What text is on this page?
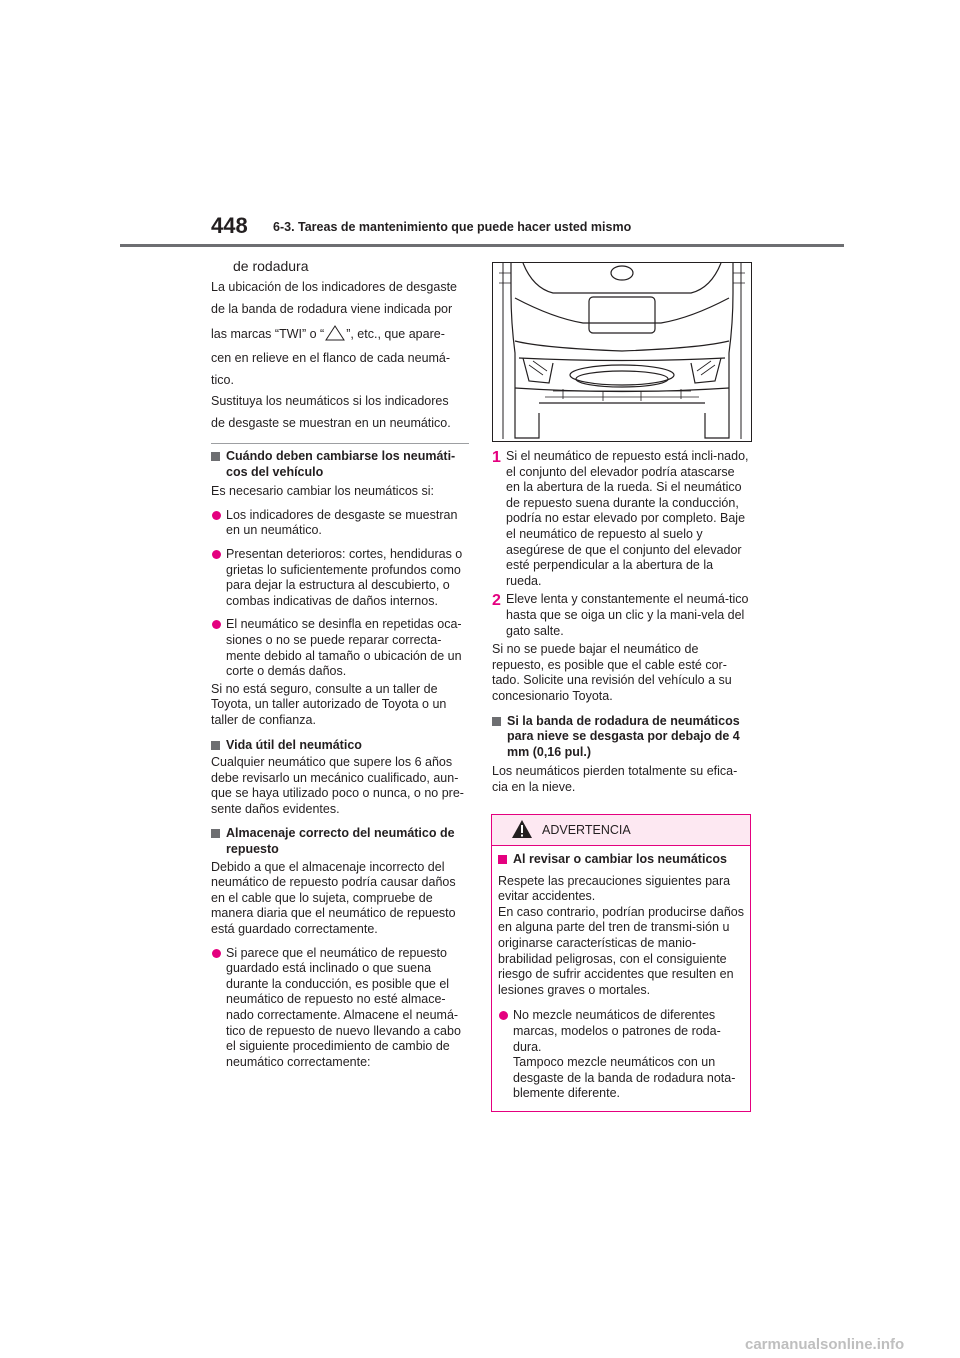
448 6-3. Tareas de mantenimiento que puede hacer usted mismo
de rodadura

La ubicación de los indicadores de desgaste

de la banda de rodadura viene indicada por

las marcas “TWI” o “ ”, etc., que apare-

cen en relieve en el flanco de cada neumá-

tico.

Sustituya los neumáticos si los indicadores

de desgaste se muestran en un neumático.

Cuándo deben cambiarse los neumáti-cos del vehículo

Es necesario cambiar los neumáticos si:

Los indicadores de desgaste se muestran en un neumático.

Presentan deterioros: cortes, hendiduras o grietas lo suficientemente profundos como para dejar la estructura al descubierto, o combas indicativas de daños internos.

El neumático se desinfla en repetidas oca-siones o no se puede reparar correcta-mente debido al tamaño o ubicación de un corte o demás daños.

Si no está seguro, consulte a un taller de Toyota, un taller autorizado de Toyota o un taller de confianza.

Vida útil del neumático

Cualquier neumático que supere los 6 años debe revisarlo un mecánico cualificado, aun-que se haya utilizado poco o nunca, o no pre-sente daños evidentes.

Almacenaje correcto del neumático de repuesto

Debido a que el almacenaje incorrecto del neumático de repuesto podría causar daños en el cable que lo sujeta, compruebe de manera diaria que el neumático de repuesto está guardado correctamente.

Si parece que el neumático de repuesto guardado está inclinado o que suena durante la conducción, es posible que el neumático de repuesto no esté almace-nado correctamente. Almacene el neumá-tico de repuesto de nuevo llevando a cabo el siguiente procedimiento de cambio de neumático correctamente:

1 Si el neumático de repuesto está incli-nado, el conjunto del elevador podría atascarse en la abertura de la rueda. Si el neumático de repuesto suena durante la conducción, podría no estar elevado por completo. Baje el neumático de repuesto al suelo y asegúrese de que el conjunto del elevador esté perpendicular a la abertura de la rueda.

2 Eleve lenta y constantemente el neumá-tico hasta que se oiga un clic y la mani-vela del gato salte.

Si no se puede bajar el neumático de repuesto, es posible que el cable esté cor-tado. Solicite una revisión del vehículo a su concesionario Toyota.

Si la banda de rodadura de neumáticos para nieve se desgasta por debajo de 4 mm (0,16 pul.)

Los neumáticos pierden totalmente su efica-cia en la nieve.

ADVERTENCIA

Al revisar o cambiar los neumáticos

Respete las precauciones siguientes para evitar accidentes.
En caso contrario, podrían producirse daños en alguna parte del tren de transmi-sión u originarse características de manio-brabilidad peligrosas, con el consiguiente riesgo de sufrir accidentes que resulten en lesiones graves o mortales.

No mezcle neumáticos de diferentes marcas, modelos o patrones de roda-dura.
Tampoco mezcle neumáticos con un desgaste de la banda de rodadura nota-blemente diferente.

carmanualsonline.info
